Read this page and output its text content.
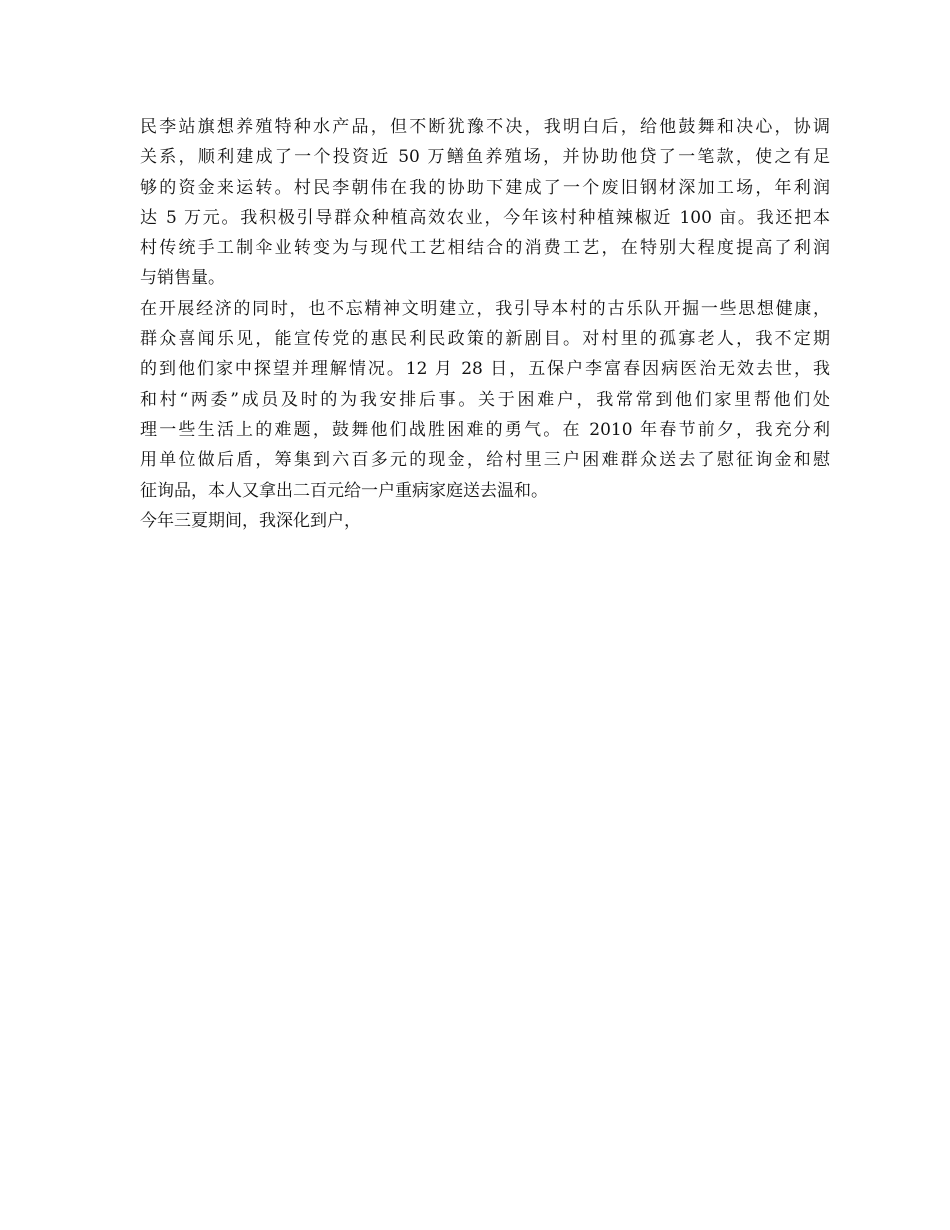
民李站旗想养殖特种水产品，但不断犹豫不决，我明白后，给他鼓舞和决心，协调
关系，顺利建成了一个投资近 50 万鳝鱼养殖场，并协助他贷了一笔款，使之有足
够的资金来运转。村民李朝伟在我的协助下建成了一个废旧钢材深加工场，年利润
达 5 万元。我积极引导群众种植高效农业，今年该村种植辣椒近 100 亩。我还把本
村传统手工制伞业转变为与现代工艺相结合的消费工艺，在特别大程度提高了利润
与销售量。
在开展经济的同时，也不忘精神文明建立，我引导本村的古乐队开掘一些思想健康，
群众喜闻乐见，能宣传党的惠民利民政策的新剧目。对村里的孤寡老人，我不定期
的到他们家中探望并理解情况。12 月 28 日，五保户李富春因病医治无效去世，我
和村“两委”成员及时的为我安排后事。关于困难户，我常常到他们家里帮他们处
理一些生活上的难题，鼓舞他们战胜困难的勇气。在 2010 年春节前夕，我充分利
用单位做后盾，筹集到六百多元的现金，给村里三户困难群众送去了慰征询金和慰
征询品，本人又拿出二百元给一户重病家庭送去温和。
今年三夏期间，我深化到户，
